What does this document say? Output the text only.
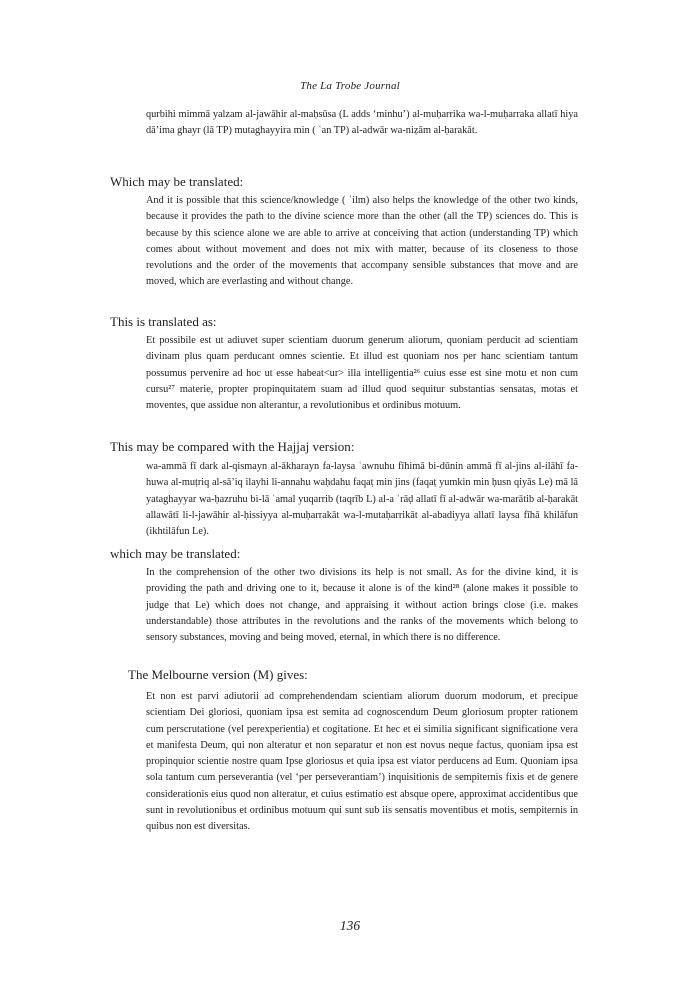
The La Trobe Journal

qurbihi mimmā yalzam al-jawāhir al-maḥsūsa (L adds ‘minhu’) al-muḥarrika wa-l-muḥarraka allatī hiya dā’ima ghayr (lā TP) mutaghayyira min ( ʿan TP) al-adwār wa-niẓām al-ḥarakāt.

Which may be translated:

And it is possible that this science/knowledge ( ʿilm) also helps the knowledge of the other two kinds, because it provides the path to the divine science more than the other (all the TP) sciences do. This is because by this science alone we are able to arrive at conceiving that action (understanding TP) which comes about without movement and does not mix with matter, because of its closeness to those revolutions and the order of the movements that accompany sensible substances that move and are moved, which are everlasting and without change.

This is translated as:

Et possibile est ut adiuvet super scientiam duorum generum aliorum, quoniam perducit ad scientiam divinam plus quam perducant omnes scientie. Et illud est quoniam nos per hanc scientiam tantum possumus pervenire ad hoc ut esse habeat<ur> illa intelligentia²⁶ cuius esse est sine motu et non cum cursu²⁷ materie, propter propinquitatem suam ad illud quod sequitur substantias sensatas, motas et moventes, que assidue non alterantur, a revolutionibus et ordinibus motuum.

This may be compared with the Hajjaj version:

wa-ammā fī dark al-qismayn al-ākharayn fa-laysa ʿawnuhu fīhimā bi-dūnin ammā fī al-jins al-ilāhī fa-huwa al-muṭriq al-sā’iq ilayhi li-annahu waḥdahu faqaṭ min jins (faqaṭ yumkin min ḥusn qiyās Le) mā lā yataghayyar wa-ḥazruhu bi-lā ʿamal yuqarrib (taqrīb L) al-a ʿrāḍ allatī fī al-adwār wa-marātib al-ḥarakāt allawātī li-l-jawāhir al-ḥissiyya al-muḥarrakāt wa-l-mutaḥarrikāt al-abadiyya allatī laysa fīhā khilāfun (ikhtilāfun Le).

which may be translated:

In the comprehension of the other two divisions its help is not small. As for the divine kind, it is providing the path and driving one to it, because it alone is of the kind²⁸ (alone makes it possible to judge that Le) which does not change, and appraising it without action brings close (i.e. makes understandable) those attributes in the revolutions and the ranks of the movements which belong to sensory substances, moving and being moved, eternal, in which there is no difference.

The Melbourne version (M) gives:

Et non est parvi adiutorii ad comprehendendam scientiam aliorum duorum modorum, et precipue scientiam Dei gloriosi, quoniam ipsa est semita ad cognoscendum Deum gloriosum propter rationem cum perscrutatione (vel perexperientia) et cogitatione. Et hec et ei similia significant significatione vera et manifesta Deum, qui non alteratur et non separatur et non est novus neque factus, quoniam ipsa est propinquior scientie nostre quam Ipse gloriosus et quia ipsa est viator perducens ad Eum. Quoniam ipsa sola tantum cum perseverantia (vel ‘per perseverantiam’) inquisitionis de sempiternis fixis et de genere considerationis eius quod non alteratur, et cuius estimatio est absque opere, approximat accidentibus que sunt in revolutionibus et ordinibus motuum qui sunt sub iis sensatis moventibus et motis, sempiternis in quibus non est diversitas.

136
